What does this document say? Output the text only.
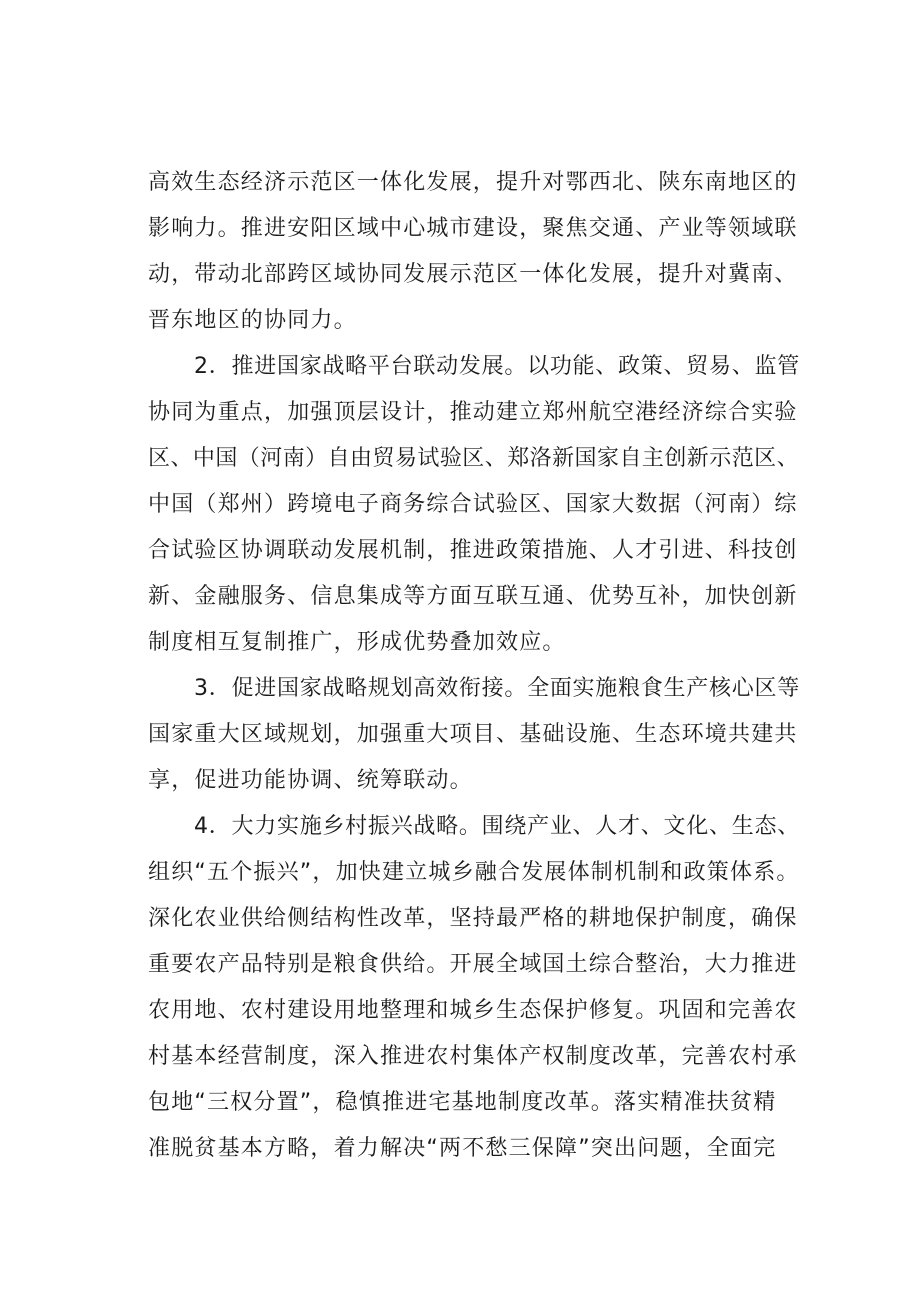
高效生态经济示范区一体化发展，提升对鄂西北、陕东南地区的
影响力。推进安阳区域中心城市建设，聚焦交通、产业等领域联
动，带动北部跨区域协同发展示范区一体化发展，提升对冀南、
晋东地区的协同力。
2．推进国家战略平台联动发展。以功能、政策、贸易、监管
协同为重点，加强顶层设计，推动建立郑州航空港经济综合实验
区、中国（河南）自由贸易试验区、郑洛新国家自主创新示范区、
中国（郑州）跨境电子商务综合试验区、国家大数据（河南）综
合试验区协调联动发展机制，推进政策措施、人才引进、科技创
新、金融服务、信息集成等方面互联互通、优势互补，加快创新
制度相互复制推广，形成优势叠加效应。
3．促进国家战略规划高效衔接。全面实施粮食生产核心区等
国家重大区域规划，加强重大项目、基础设施、生态环境共建共
享，促进功能协调、统筹联动。
4．大力实施乡村振兴战略。围绕产业、人才、文化、生态、
组织“五个振兴”，加快建立城乡融合发展体制机制和政策体系。
深化农业供给侧结构性改革，坚持最严格的耕地保护制度，确保
重要农产品特别是粮食供给。开展全域国土综合整治，大力推进
农用地、农村建设用地整理和城乡生态保护修复。巩固和完善农
村基本经营制度，深入推进农村集体产权制度改革，完善农村承
包地“三权分置”，稳慎推进宅基地制度改革。落实精准扶贫精
准脱贫基本方略，着力解决“两不愁三保障”突出问题，全面完
